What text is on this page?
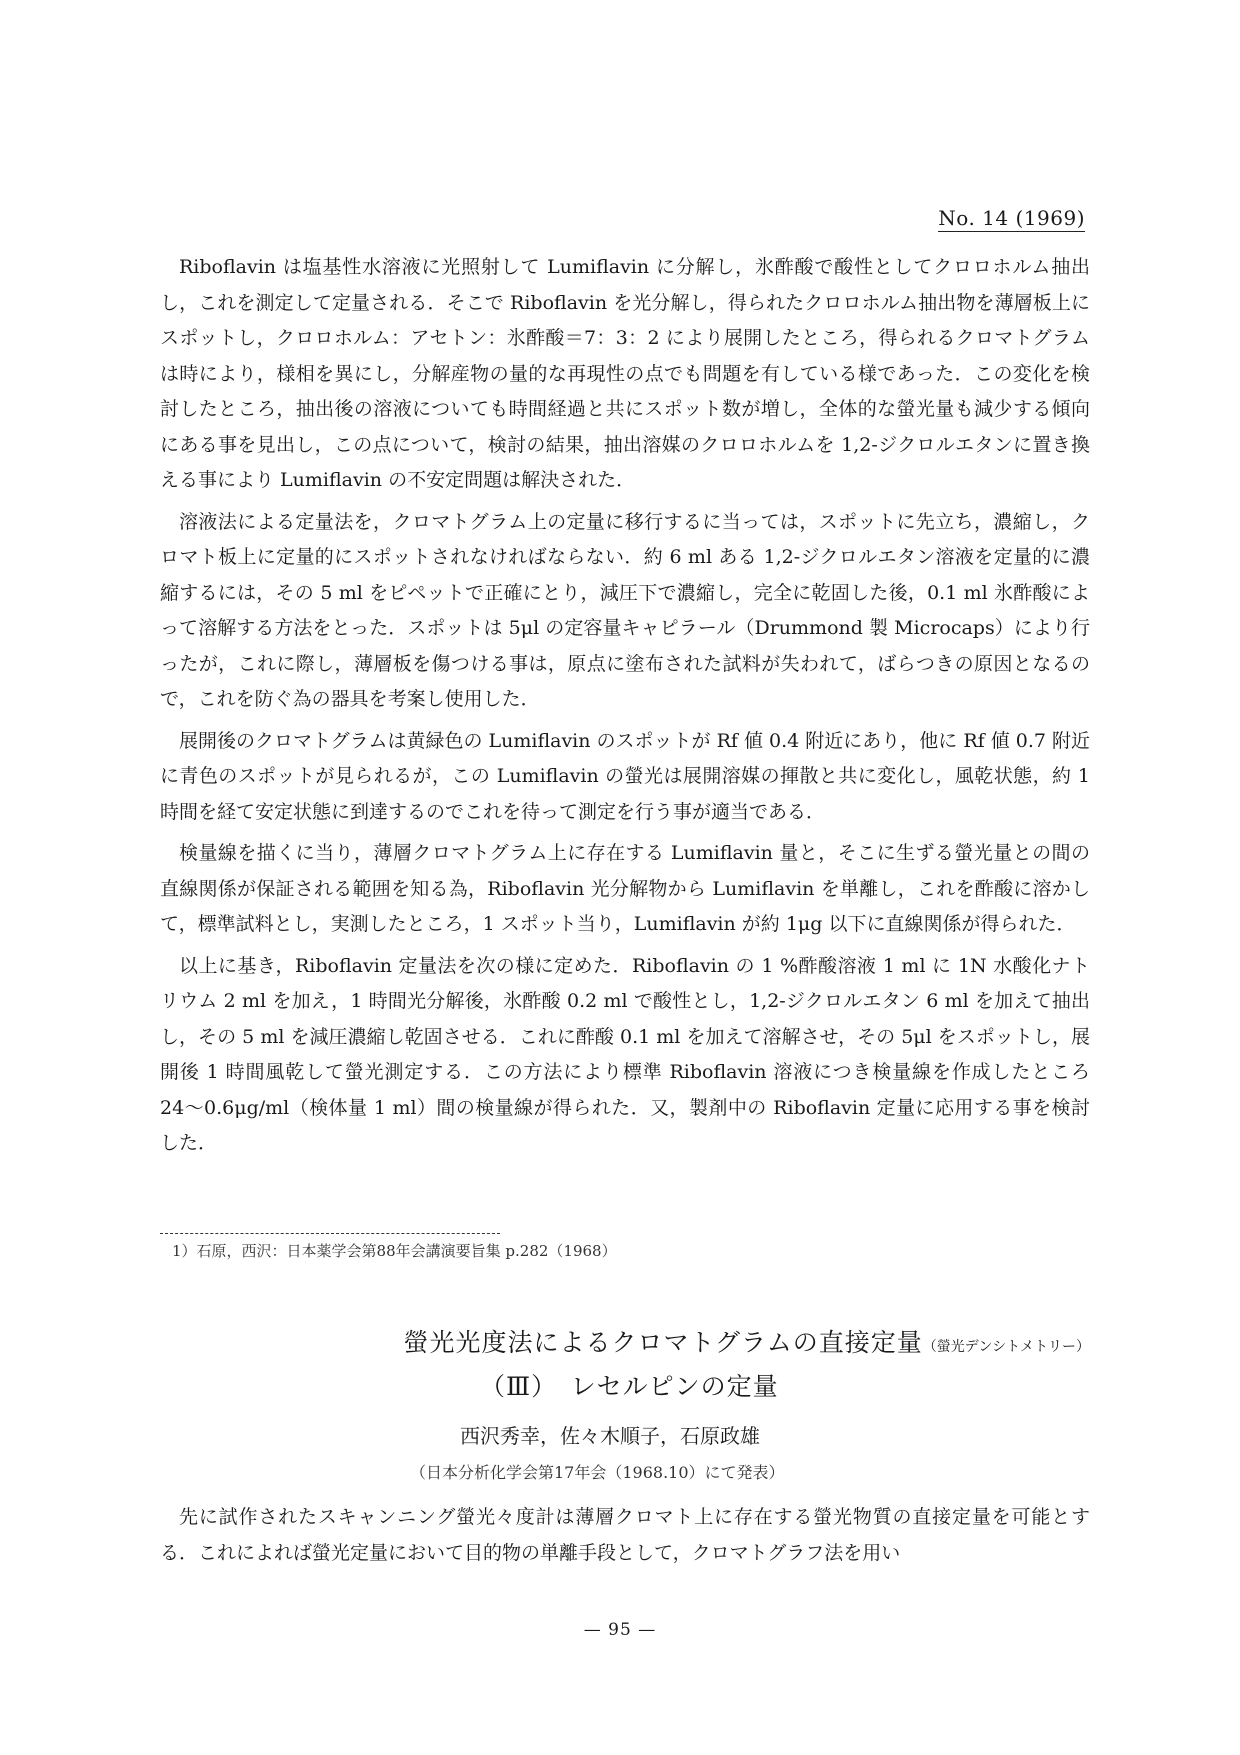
No. 14 (1969)

Riboflavin は塩基性水溶液に光照射して Lumiflavin に分解し，氷酢酸で酸性としてクロロホルム抽出し，これを測定して定量される．そこで Riboflavin を光分解し，得られたクロロホルム抽出物を薄層板上にスポットし，クロロホルム：アセトン：氷酢酸＝7：3：2 により展開したところ，得られるクロマトグラムは時により，様相を異にし，分解産物の量的な再現性の点でも問題を有している様であった．この変化を検討したところ，抽出後の溶液についても時間経過と共にスポット数が増し，全体的な螢光量も減少する傾向にある事を見出し，この点について，検討の結果，抽出溶媒のクロロホルムを 1,2-ジクロルエタンに置き換える事により Lumiflavin の不安定問題は解決された．

溶液法による定量法を，クロマトグラム上の定量に移行するに当っては，スポットに先立ち，濃縮し，クロマト板上に定量的にスポットされなければならない．約 6 ml ある 1,2-ジクロルエタン溶液を定量的に濃縮するには，その 5 ml をピペットで正確にとり，減圧下で濃縮し，完全に乾固した後，0.1 ml 氷酢酸によって溶解する方法をとった．スポットは 5μl の定容量キャピラール（Drummond 製 Microcaps）により行ったが，これに際し，薄層板を傷つける事は，原点に塗布された試料が失われて，ばらつきの原因となるので，これを防ぐ為の器具を考案し使用した．

展開後のクロマトグラムは黄緑色の Lumiflavin のスポットが Rf 値 0.4 附近にあり，他に Rf 値 0.7 附近に青色のスポットが見られるが，この Lumiflavin の螢光は展開溶媒の揮散と共に変化し，風乾状態，約 1 時間を経て安定状態に到達するのでこれを待って測定を行う事が適当である．

検量線を描くに当り，薄層クロマトグラム上に存在する Lumiflavin 量と，そこに生ずる螢光量との間の直線関係が保証される範囲を知る為，Riboflavin 光分解物から Lumiflavin を単離し，これを酢酸に溶かして，標準試料とし，実測したところ，1 スポット当り，Lumiflavin が約 1μg 以下に直線関係が得られた．

以上に基き，Riboflavin 定量法を次の様に定めた．Riboflavin の 1 %酢酸溶液 1 ml に 1N 水酸化ナトリウム 2 ml を加え，1 時間光分解後，氷酢酸 0.2 ml で酸性とし，1,2-ジクロルエタン 6 ml を加えて抽出し，その 5 ml を減圧濃縮し乾固させる．これに酢酸 0.1 ml を加えて溶解させ，その 5μl をスポットし，展開後 1 時間風乾して螢光測定する．この方法により標準 Riboflavin 溶液につき検量線を作成したところ 24〜0.6μg/ml（検体量 1 ml）間の検量線が得られた．又，製剤中の Riboflavin 定量に応用する事を検討した．

1）石原，西沢：日本薬学会第88年会講演要旨集 p.282（1968）
螢光光度法によるクロマトグラムの直接定量（螢光デンシトメトリー）
（Ⅲ）　レセルピンの定量
西沢秀幸，佐々木順子，石原政雄
（日本分析化学会第17年会（1968.10）にて発表）

先に試作されたスキャンニング螢光々度計は薄層クロマト上に存在する螢光物質の直接定量を可能とする．これによれば螢光定量において目的物の単離手段として，クロマトグラフ法を用い

— 95 —
